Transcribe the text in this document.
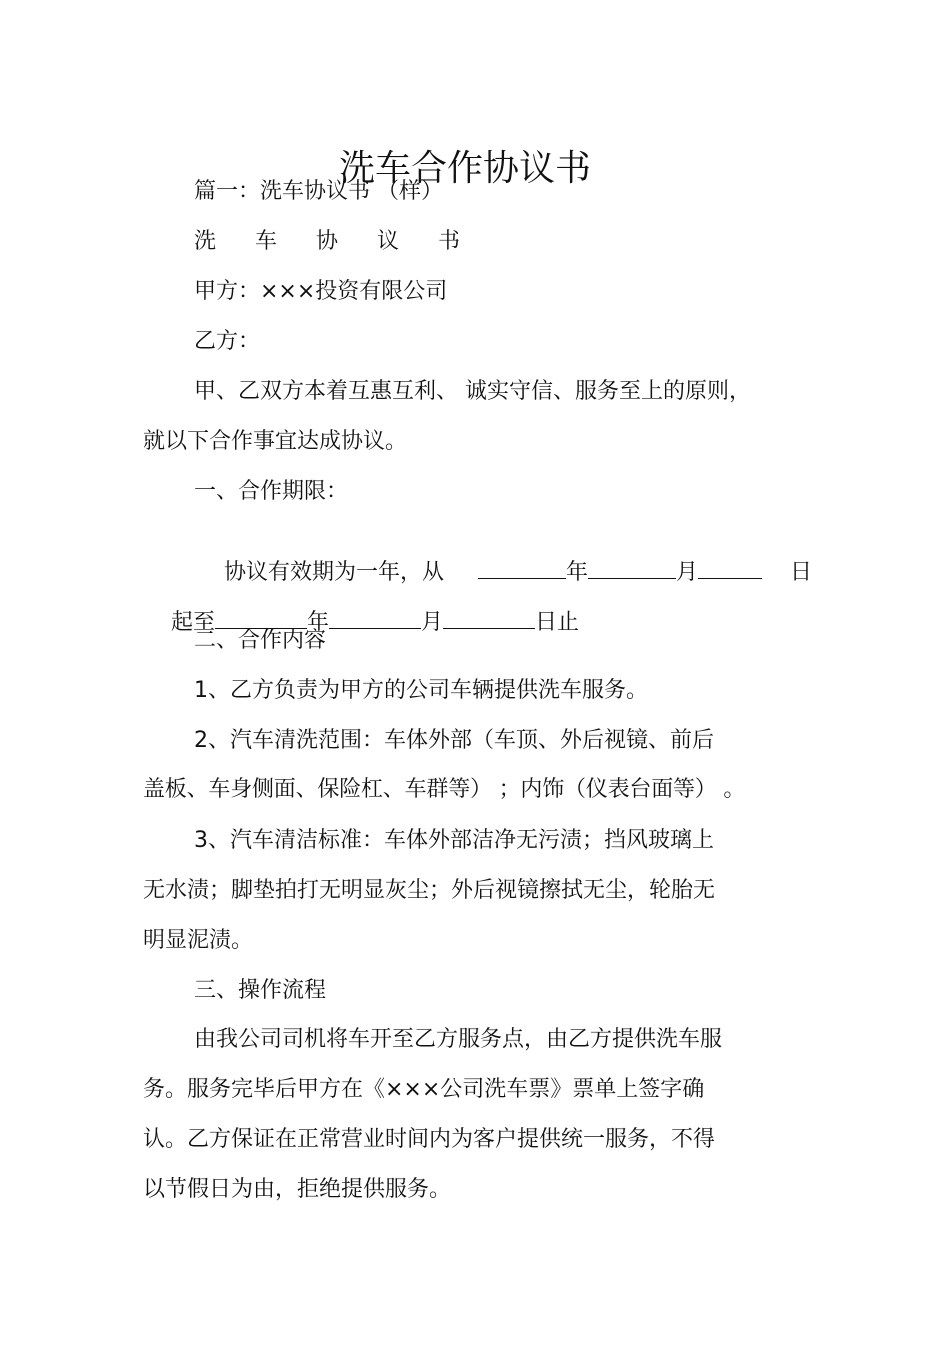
洗车合作协议书
篇一：洗车协议书 （样）
洗 车 协 议 书
甲方：×××投资有限公司
乙方：
甲、乙双方本着互惠互利、 诚实守信、服务至上的原则，
就以下合作事宜达成协议。
一、合作期限：

协议有效期为一年，从	年	月	日

起至	年	月	日止

二、合作内容
1、乙方负责为甲方的公司车辆提供洗车服务。
2、汽车清洗范围：车体外部（车顶、外后视镜、前后
盖板、车身侧面、保险杠、车群等） ；内饰（仪表台面等） 。
3、汽车清洁标准：车体外部洁净无污渍；挡风玻璃上
无水渍；脚垫拍打无明显灰尘；外后视镜擦拭无尘，轮胎无
明显泥渍。
三、操作流程
由我公司司机将车开至乙方服务点，由乙方提供洗车服
务。服务完毕后甲方在《×××公司洗车票》票单上签字确
认。乙方保证在正常营业时间内为客户提供统一服务，不得
以节假日为由，拒绝提供服务。
